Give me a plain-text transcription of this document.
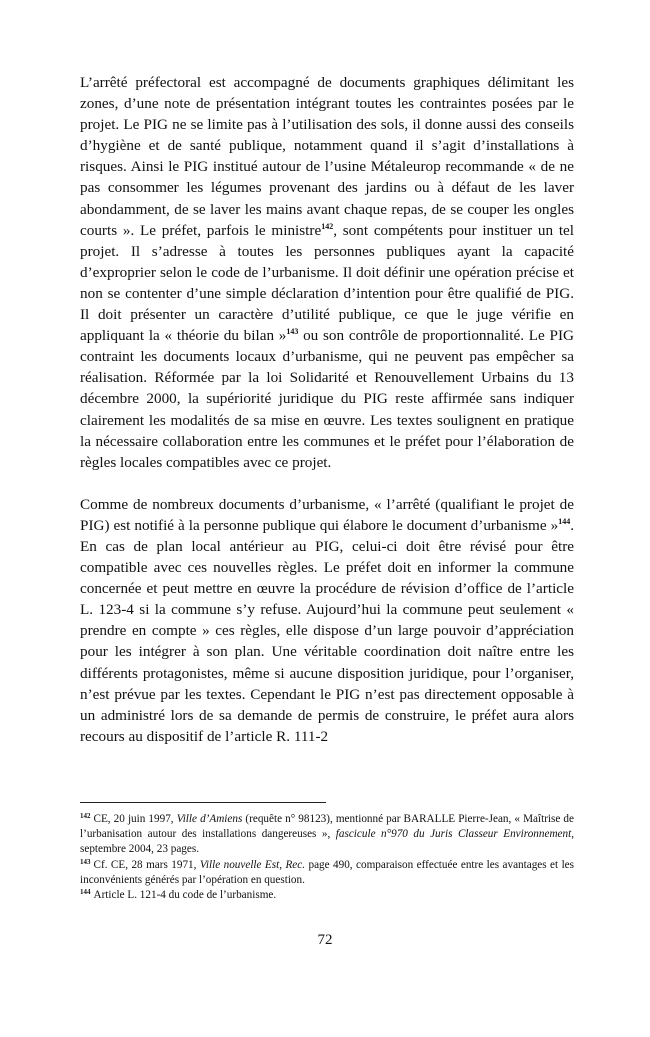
L’arrêté préfectoral est accompagné de documents graphiques délimitant les zones, d’une note de présentation intégrant toutes les contraintes posées par le projet. Le PIG ne se limite pas à l’utilisation des sols, il donne aussi des conseils d’hygiène et de santé publique, notamment quand il s’agit d’installations à risques. Ainsi le PIG institué autour de l’usine Métaleurop recommande « de ne pas consommer les légumes provenant des jardins ou à défaut de les laver abondamment, de se laver les mains avant chaque repas, de se couper les ongles courts ». Le préfet, parfois le ministre$^{142}$, sont compétents pour instituer un tel projet. Il s’adresse à toutes les personnes publiques ayant la capacité d’exproprier selon le code de l’urbanisme. Il doit définir une opération précise et non se contenter d’une simple déclaration d’intention pour être qualifié de PIG. Il doit présenter un caractère d’utilité publique, ce que le juge vérifie en appliquant la « théorie du bilan »$^{143}$ ou son contrôle de proportionnalité. Le PIG contraint les documents locaux d’urbanisme, qui ne peuvent pas empêcher sa réalisation. Réformée par la loi Solidarité et Renouvellement Urbains du 13 décembre 2000, la supériorité juridique du PIG reste affirmée sans indiquer clairement les modalités de sa mise en œuvre. Les textes soulignent en pratique la nécessaire collaboration entre les communes et le préfet pour l’élaboration de règles locales compatibles avec ce projet.

Comme de nombreux documents d’urbanisme, « l’arrêté (qualifiant le projet de PIG) est notifié à la personne publique qui élabore le document d’urbanisme »$^{144}$. En cas de plan local antérieur au PIG, celui-ci doit être révisé pour être compatible avec ces nouvelles règles. Le préfet doit en informer la commune concernée et peut mettre en œuvre la procédure de révision d’office de l’article L. 123-4 si la commune s’y refuse. Aujourd’hui la commune peut seulement « prendre en compte » ces règles, elle dispose d’un large pouvoir d’appréciation pour les intégrer à son plan. Une véritable coordination doit naître entre les différents protagonistes, même si aucune disposition juridique, pour l’organiser, n’est prévue par les textes. Cependant le PIG n’est pas directement opposable à un administré lors de sa demande de permis de construire, le préfet aura alors recours au dispositif de l’article R. 111-2

$^{142}$ CE, 20 juin 1997, Ville d’Amiens (requête n° 98123), mentionné par BARALLE Pierre-Jean, « Maîtrise de l’urbanisation autour des installations dangereuses », fascicule n°970 du Juris Classeur Environnement, septembre 2004, 23 pages.

$^{143}$ Cf. CE, 28 mars 1971, Ville nouvelle Est, Rec. page 490, comparaison effectuée entre les avantages et les inconvénients générés par l’opération en question.

$^{144}$ Article L. 121-4 du code de l’urbanisme.

72
